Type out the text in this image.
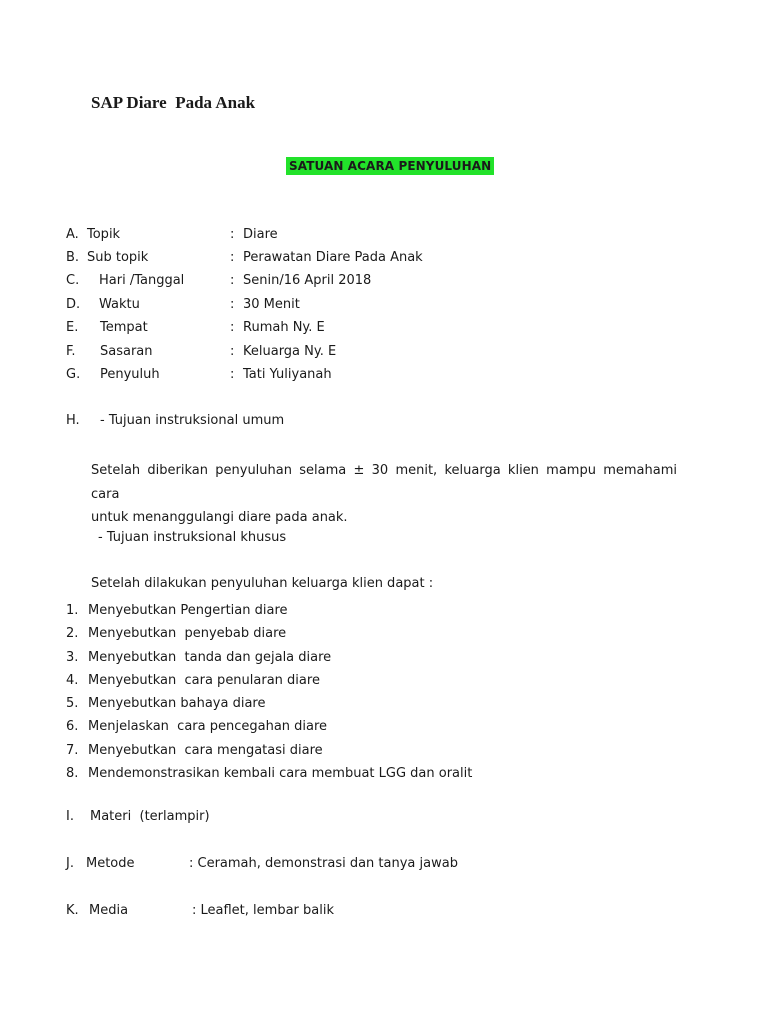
SAP Diare  Pada Anak
SATUAN ACARA PENYULUHAN
A. Topik	: Diare
B. Sub topik	: Perawatan Diare Pada Anak
C. Hari /Tanggal	: Senin/16 April 2018
D. Waktu	: 30 Menit
E. Tempat	: Rumah Ny. E
F. Sasaran	: Keluarga Ny. E
G. Penyuluh	: Tati Yuliyanah
H. - Tujuan instruksional umum
Setelah diberikan penyuluhan selama ± 30 menit, keluarga klien mampu memahami cara
untuk menanggulangi diare pada anak.
- Tujuan instruksional khusus
Setelah dilakukan penyuluhan keluarga klien dapat :
1. Menyebutkan Pengertian diare
2. Menyebutkan  penyebab diare
3. Menyebutkan  tanda dan gejala diare
4. Menyebutkan  cara penularan diare
5. Menyebutkan bahaya diare
6. Menjelaskan  cara pencegahan diare
7. Menyebutkan  cara mengatasi diare
8. Mendemonstrasikan kembali cara membuat LGG dan oralit
I. Materi  (terlampir)
J. Metode	: Ceramah, demonstrasi dan tanya jawab
K. Media	: Leaflet, lembar balik
